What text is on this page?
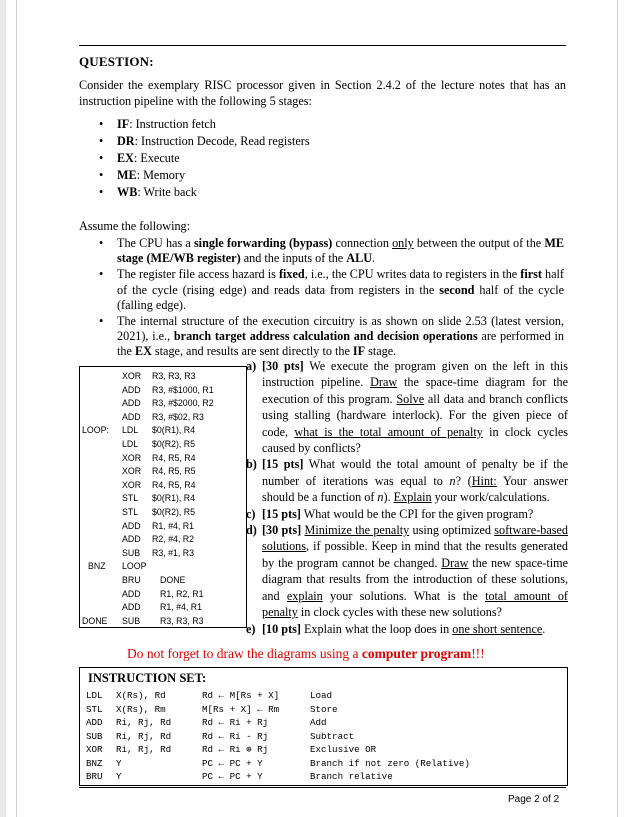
QUESTION:
Consider the exemplary RISC processor given in Section 2.4.2 of the lecture notes that has an instruction pipeline with the following 5 stages:
• IF: Instruction fetch
• DR: Instruction Decode, Read registers
• EX: Execute
• ME: Memory
• WB: Write back
Assume the following:
• The CPU has a single forwarding (bypass) connection only between the output of the ME stage (ME/WB register) and the inputs of the ALU.
• The register file access hazard is fixed, i.e., the CPU writes data to registers in the first half of the cycle (rising edge) and reads data from registers in the second half of the cycle (falling edge).
• The internal structure of the execution circuitry is as shown on slide 2.53 (latest version, 2021), i.e., branch target address calculation and decision operations are performed in the EX stage, and results are sent directly to the IF stage.
XOR R3, R3, R3
ADD R3, #$1000, R1
ADD R3, #$2000, R2
ADD R3, #$02, R3
LOOP: LDL $0(R1), R4
LDL $0(R2), R5
XOR R4, R5, R4
XOR R4, R5, R5
XOR R4, R5, R4
STL $0(R1), R4
STL $0(R2), R5
ADD R1, #4, R1
ADD R2, #4, R2
SUB R3, #1, R3
BNZ LOOP
BRU DONE
ADD R1, R2, R1
ADD R1, #4, R1
DONE SUB R3, R3, R3
a) [30 pts] We execute the program given on the left in this instruction pipeline. Draw the space-time diagram for the execution of this program. Solve all data and branch conflicts using stalling (hardware interlock). For the given piece of code, what is the total amount of penalty in clock cycles caused by conflicts?
b) [15 pts] What would the total amount of penalty be if the number of iterations was equal to n? (Hint: Your answer should be a function of n). Explain your work/calculations.
c) [15 pts] What would be the CPI for the given program?
d) [30 pts] Minimize the penalty using optimized software-based solutions, if possible. Keep in mind that the results generated by the program cannot be changed. Draw the new space-time diagram that results from the introduction of these solutions, and explain your solutions. What is the total amount of penalty in clock cycles with these new solutions?
e) [10 pts] Explain what the loop does in one short sentence.
Do not forget to draw the diagrams using a computer program!!!
INSTRUCTION SET:
LDL X(Rs), Rd	Rd ← M[Rs + X]	Load
STL X(Rs), Rm	M[Rs + X] ← Rm	Store
ADD Ri, Rj, Rd	Rd ← Ri + Rj	Add
SUB Ri, Rj, Rd	Rd ← Ri - Rj	Subtract
XOR Ri, Rj, Rd	Rd ← Ri ⊕ Rj	Exclusive OR
BNZ Y	PC ← PC + Y	Branch if not zero (Relative)
BRU Y	PC ← PC + Y	Branch relative
Page 2 of 2
